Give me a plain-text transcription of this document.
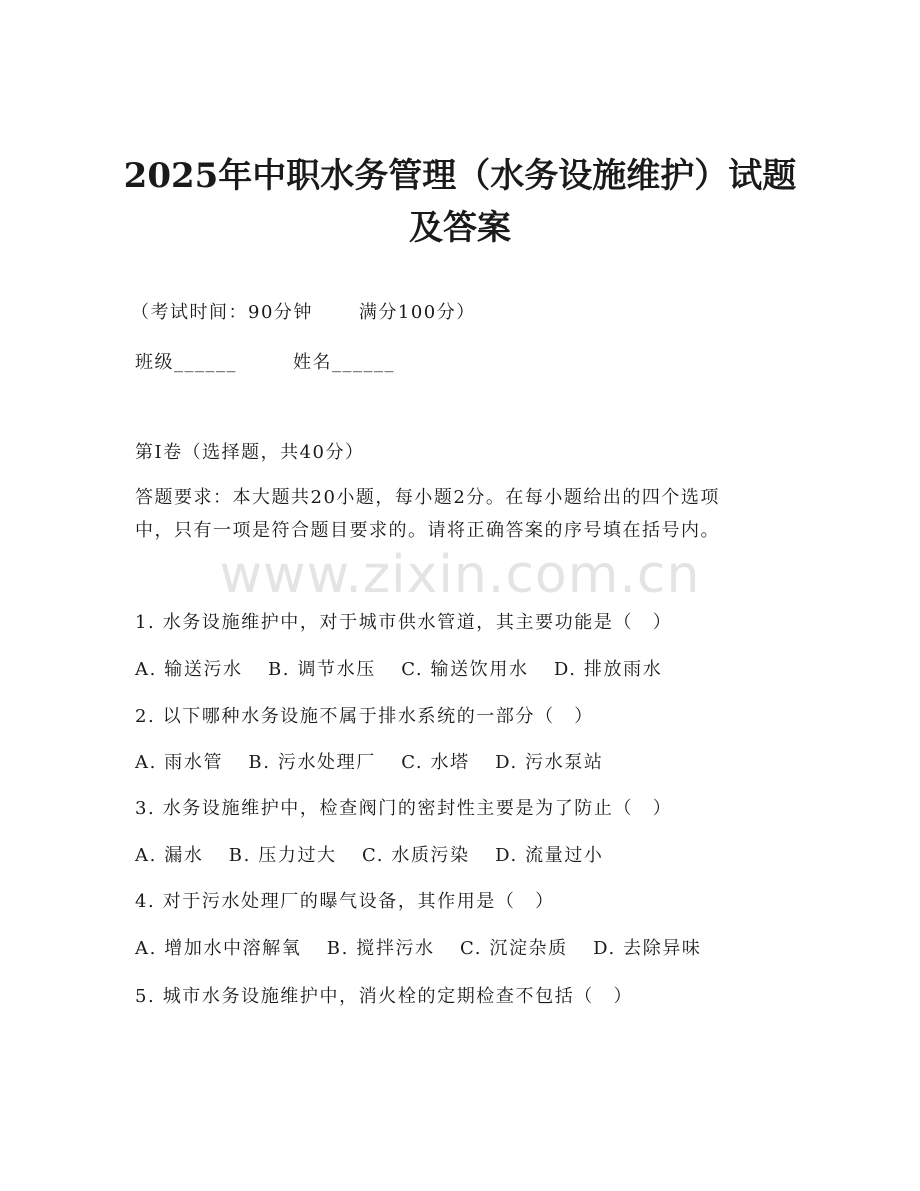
2025年中职水务管理（水务设施维护）试题
及答案
（考试时间：90分钟	满分100分）
班级______	姓名______
第I卷（选择题，共40分）
答题要求：本大题共20小题，每小题2分。在每小题给出的四个选项
中，只有一项是符合题目要求的。请将正确答案的序号填在括号内。
www.zixin.com.cn
1. 水务设施维护中，对于城市供水管道，其主要功能是（　）
A. 输送污水 B. 调节水压 C. 输送饮用水 D. 排放雨水
2. 以下哪种水务设施不属于排水系统的一部分（　）
A. 雨水管 B. 污水处理厂 C. 水塔 D. 污水泵站
3. 水务设施维护中，检查阀门的密封性主要是为了防止（　）
A. 漏水 B. 压力过大 C. 水质污染 D. 流量过小
4. 对于污水处理厂的曝气设备，其作用是（　）
A. 增加水中溶解氧 B. 搅拌污水 C. 沉淀杂质 D. 去除异味
5. 城市水务设施维护中，消火栓的定期检查不包括（　）
